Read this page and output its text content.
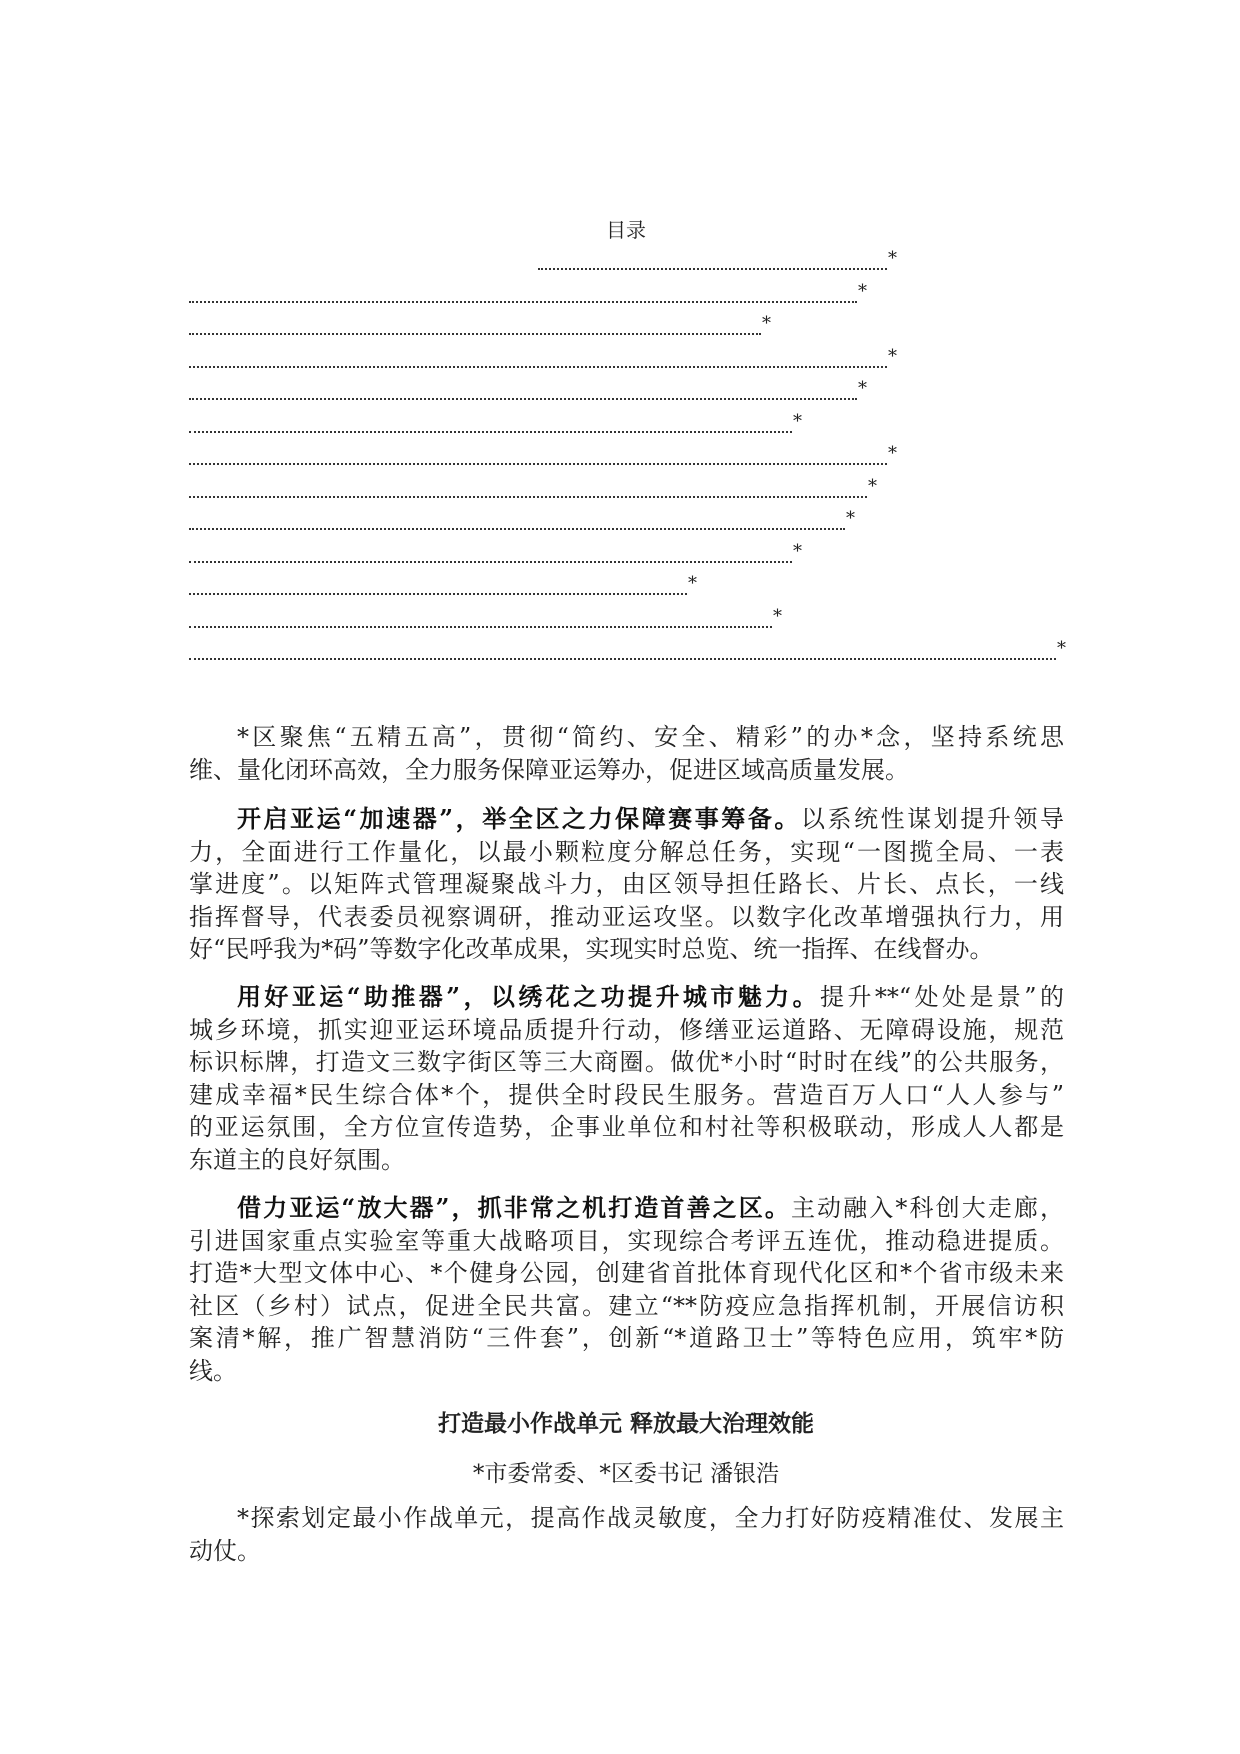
目录
*
*
*
*
*
*
*
*
*
*
*
*
*
*区聚焦“五精五高”，贯彻“简约、安全、精彩”的办*念，坚持系统思
维、量化闭环高效，全力服务保障亚运筹办，促进区域高质量发展。
开启亚运“加速器”，举全区之力保障赛事筹备。以系统性谋划提升领导
力，全面进行工作量化，以最小颗粒度分解总任务，实现“一图揽全局、一表
掌进度”。以矩阵式管理凝聚战斗力，由区领导担任路长、片长、点长，一线
指挥督导，代表委员视察调研，推动亚运攻坚。以数字化改革增强执行力，用
好“民呼我为*码”等数字化改革成果，实现实时总览、统一指挥、在线督办。
用好亚运“助推器”，以绣花之功提升城市魅力。提升**“处处是景”的
城乡环境，抓实迎亚运环境品质提升行动，修缮亚运道路、无障碍设施，规范
标识标牌，打造文三数字街区等三大商圈。做优*小时“时时在线”的公共服务，
建成幸福*民生综合体*个，提供全时段民生服务。营造百万人口“人人参与”
的亚运氛围，全方位宣传造势，企事业单位和村社等积极联动，形成人人都是
东道主的良好氛围。
借力亚运“放大器”，抓非常之机打造首善之区。主动融入*科创大走廊，
引进国家重点实验室等重大战略项目，实现综合考评五连优，推动稳进提质。
打造*大型文体中心、*个健身公园，创建省首批体育现代化区和*个省市级未来
社区（乡村）试点，促进全民共富。建立“**防疫应急指挥机制，开展信访积
案清*解，推广智慧消防“三件套”，创新“*道路卫士”等特色应用，筑牢*防
线。
打造最小作战单元 释放最大治理效能
*市委常委、*区委书记 潘银浩
*探索划定最小作战单元，提高作战灵敏度，全力打好防疫精准仗、发展主
动仗。
